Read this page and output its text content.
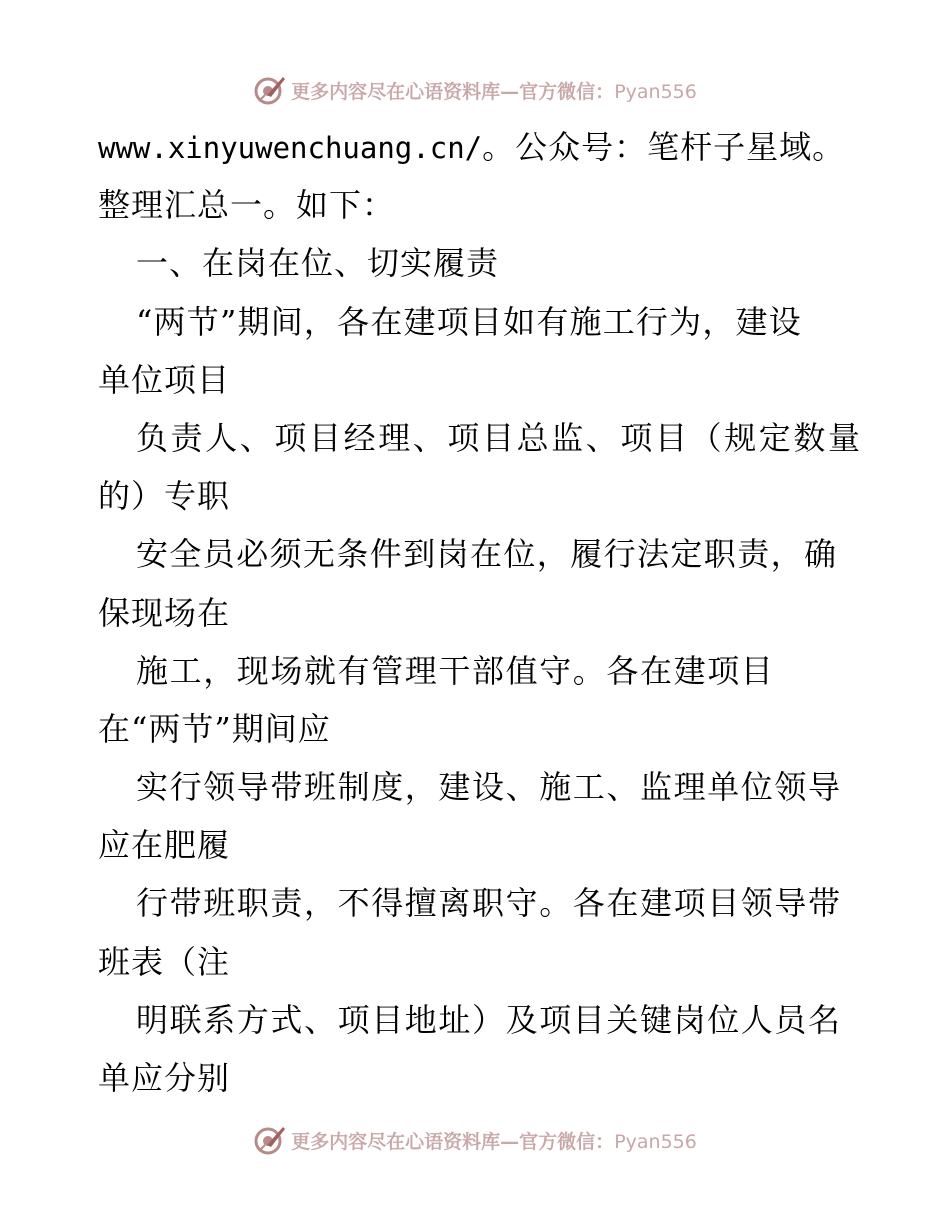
更多内容尽在心语资料库—官方微信：Pyan556
www.xinyuwenchuang.cn/。公众号：笔杆子星域。
整理汇总一。如下：
一、在岗在位、切实履责
“两节”期间，各在建项目如有施工行为，建设
单位项目
负责人、项目经理、项目总监、项目（规定数量
的）专职
安全员必须无条件到岗在位，履行法定职责，确
保现场在
施工，现场就有管理干部值守。各在建项目
在“两节”期间应
实行领导带班制度，建设、施工、监理单位领导
应在肥履
行带班职责，不得擅离职守。各在建项目领导带
班表（注
明联系方式、项目地址）及项目关键岗位人员名
单应分别
更多内容尽在心语资料库—官方微信：Pyan556
